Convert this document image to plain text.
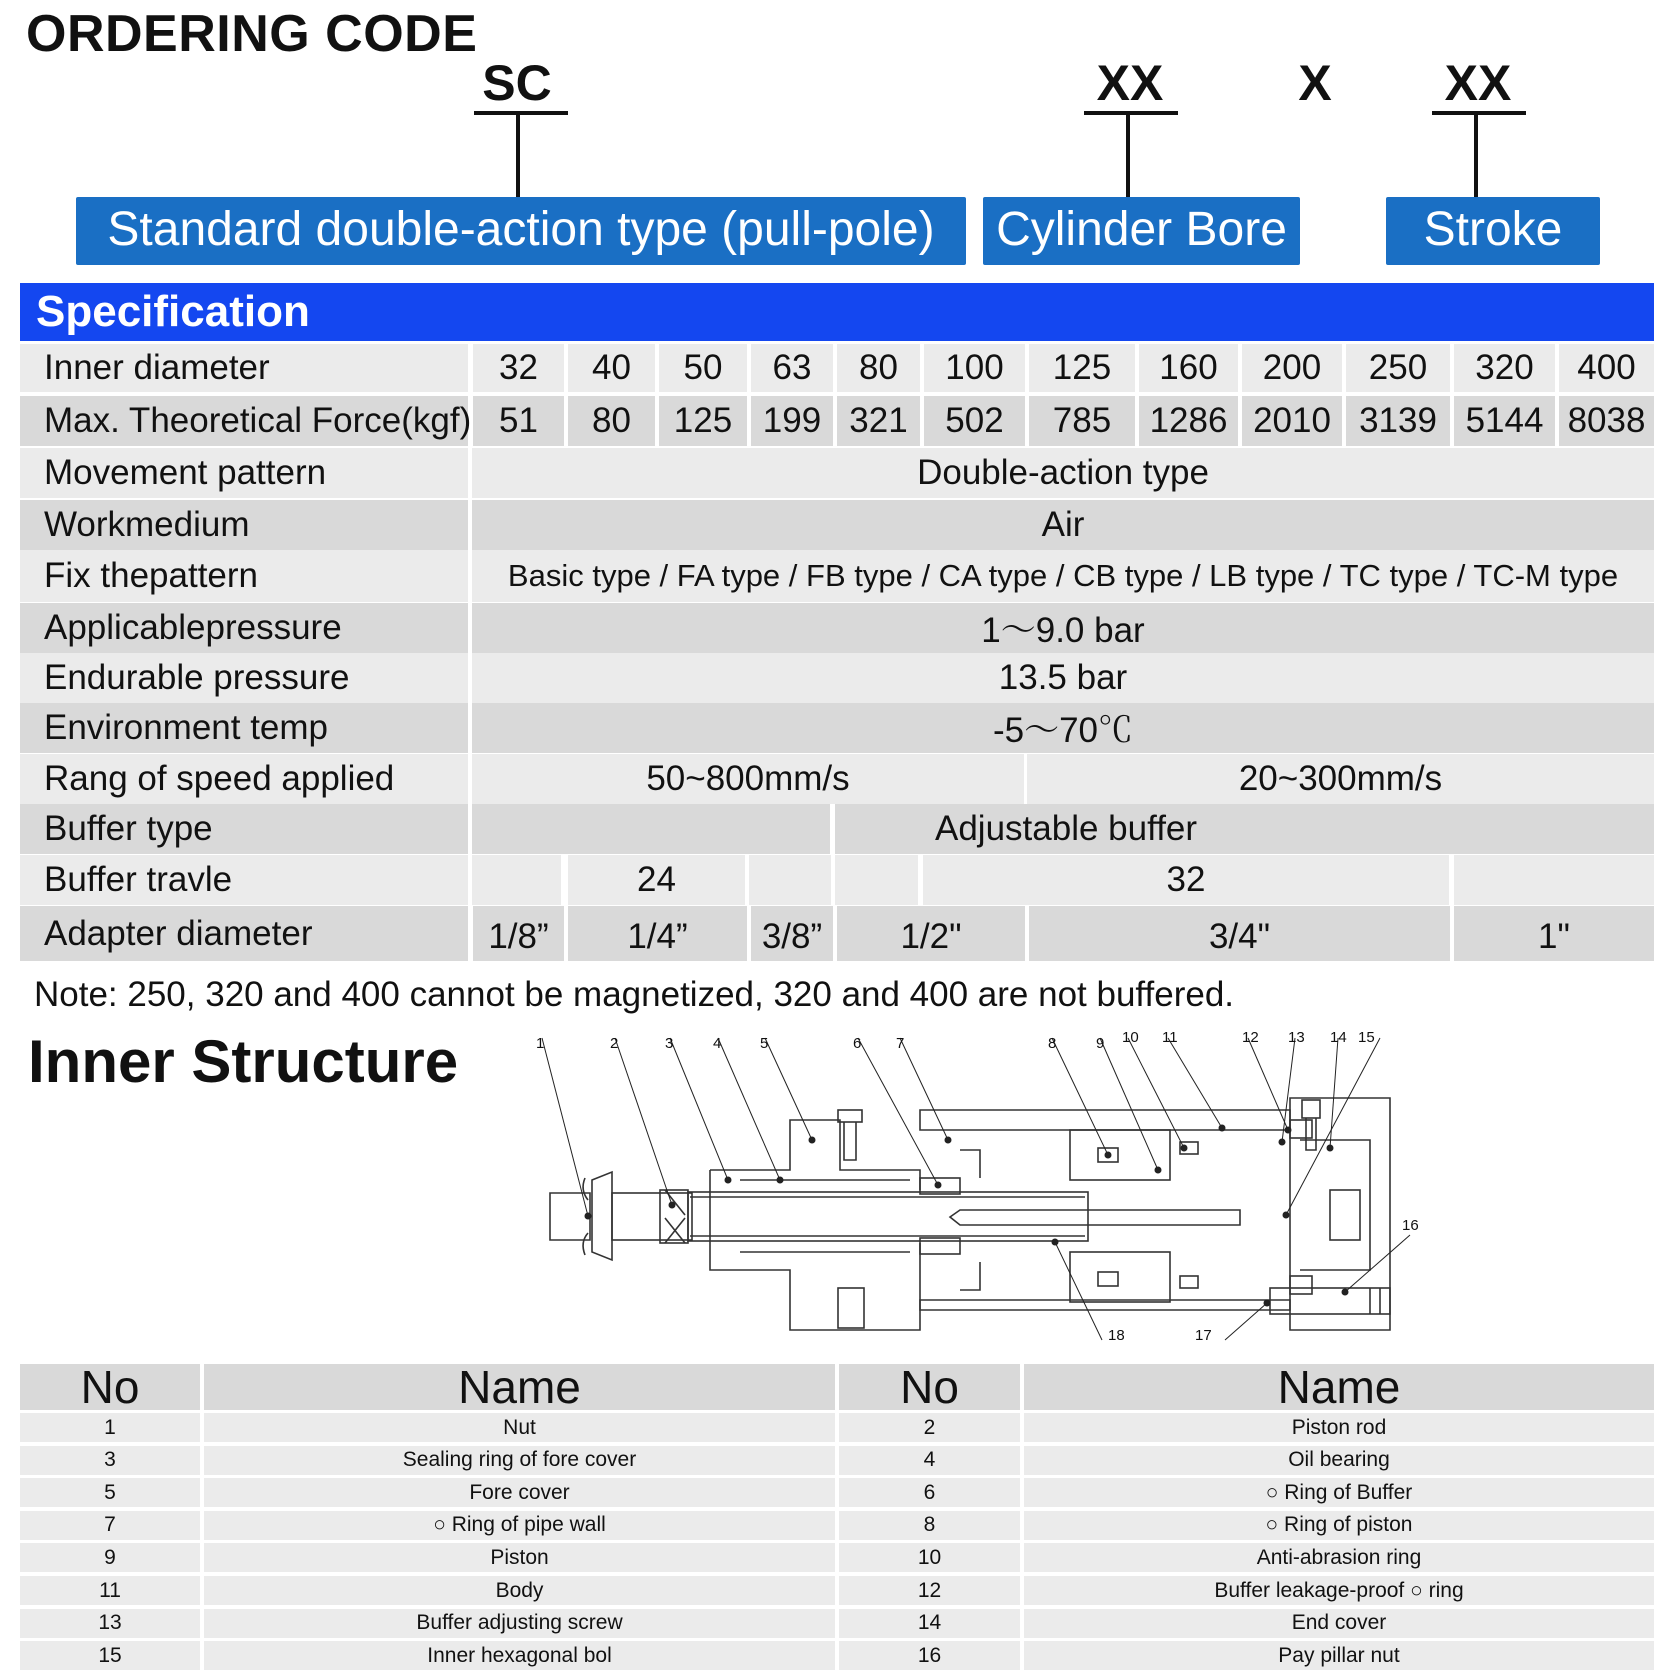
ORDERING CODE
SC	XX	X	XX
Standard double-action type (pull-pole)	Cylinder Bore	Stroke
Specification
Inner diameter	32	40	50	63	80	100	125	160	200	250	320	400
Max. Theoretical Force(kgf) 51	80	125 199 321	502	785	1286 2010 3139 5144 8038
Movement pattern	Double-action type
Workmedium	Air
Fix thepattern	Basic type / FA type / FB type / CA type / CB type / LB type / TC type / TC-M type
Applicablepressure	1～9.0 bar
Endurable pressure	13.5 bar
Environment temp	-5～70℃
Rang of speed applied	50~800mm/s	20~300mm/s
Buffer type	Adjustable buffer
Buffer travle	24	32
Adapter diameter	1/8”	1/4”	3/8”	1/2"	3/4"	1"
Note: 250, 320 and 400 cannot be magnetized, 320 and 400 are not buffered.
Inner Structure	1	2	3	4	5	6 7	8	9 10 11	12 13 14 15
16
17
18
No	Name	No	Name
1	Nut	2	Piston rod
3	Sealing ring of fore cover	4	Oil bearing
5	Fore cover	6	○ Ring of Buffer
7	○ Ring of pipe wall	8	○ Ring of piston
9	Piston	10	Anti-abrasion ring
11	Body	12	Buffer leakage-proof ○ ring
13	Buffer adjusting screw	14	End cover
15	Inner hexagonal bol	16	Pay pillar nut
